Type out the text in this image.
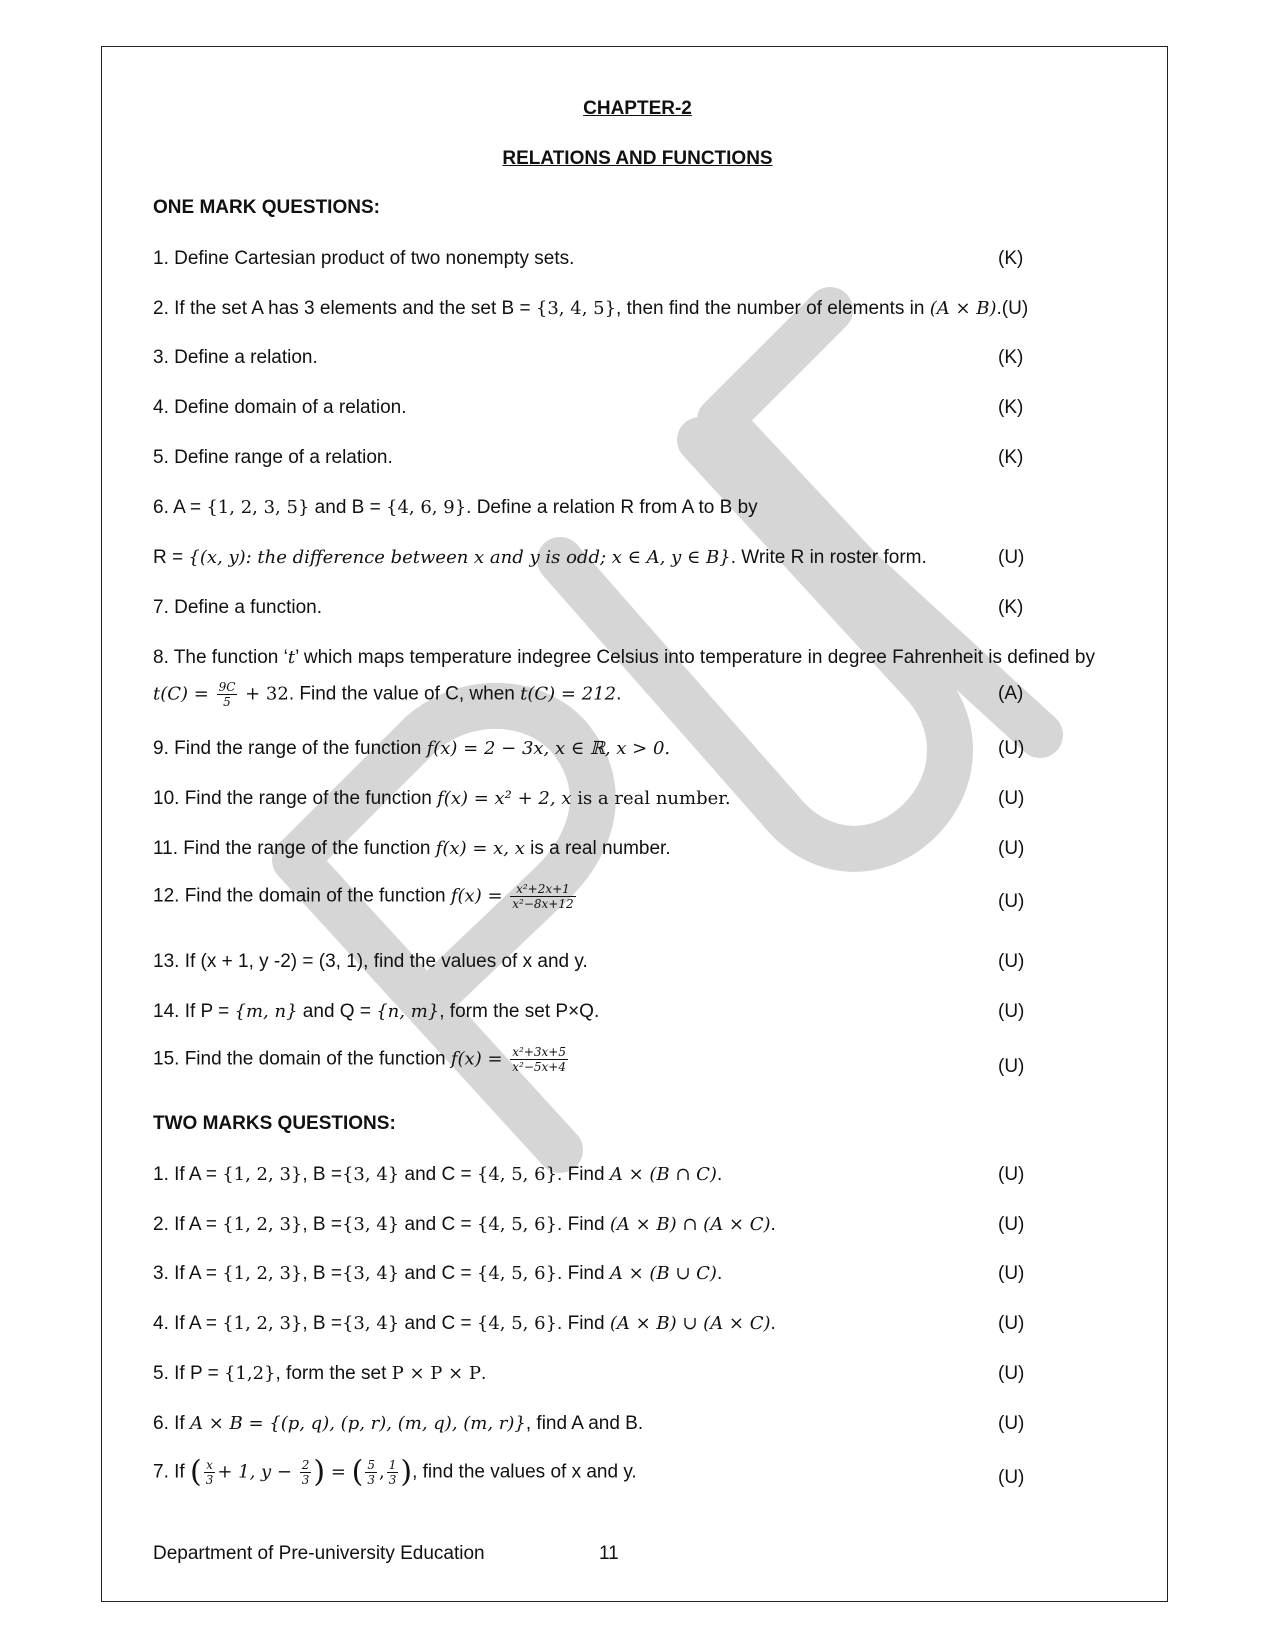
CHAPTER-2
RELATIONS AND FUNCTIONS
ONE MARK QUESTIONS:
1. Define Cartesian product of two nonempty sets.	(K)
2. If the set A has 3 elements and the set B = {3, 4, 5}, then find the number of elements in (A × B).(U)
3. Define a relation.	(K)
4. Define domain of a relation.	(K)
5. Define range of a relation.	(K)
6. A = {1, 2, 3, 5} and B = {4, 6, 9}. Define a relation R from A to B by
R = {(x, y): the difference between x and y is odd; x ∈ A, y ∈ B}. Write R in roster form.	(U)
7. Define a function.	(K)
8. The function ‘t’ which maps temperature indegree Celsius into temperature in degree Fahrenheit is defined by
$t(C) = \frac{9C}{5} + 32$. Find the value of C, when t(C) = 212.	(A)
9. Find the range of the function f(x) = 2 − 3x, x ∈ ℝ, x > 0.	(U)
10. Find the range of the function f(x) = x² + 2, x is a real number.	(U)
11. Find the range of the function f(x) = x, x is a real number.	(U)
12. Find the domain of the function $f(x) = \frac{\text{x²+2x+1}}{\text{x²−8x+12}}$	(U)
13. If (x + 1, y -2) = (3, 1), find the values of x and y.	(U)
14. If P = {m, n} and Q = {n, m}, form the set P×Q.	(U)
15. Find the domain of the function $f(x) = \frac{\text{x²+3x+5}}{\text{x²−5x+4}}$	(U)
TWO MARKS QUESTIONS:
1. If A = {1, 2, 3}, B ={3, 4} and C = {4, 5, 6}. Find A × (B ∩ C).	(U)
2. If A = {1, 2, 3}, B ={3, 4} and C = {4, 5, 6}. Find (A × B) ∩ (A × C).	(U)
3. If A = {1, 2, 3}, B ={3, 4} and C = {4, 5, 6}. Find A × (B ∪ C).	(U)
4. If A = {1, 2, 3}, B ={3, 4} and C = {4, 5, 6}. Find (A × B) ∪ (A × C).	(U)
5. If P = {1,2}, form the set P × P × P.	(U)
6. If A × B = {(p, q), (p, r), (m, q), (m, r)}, find A and B.	(U)
7. If ( $\frac{x}{3} + 1$, $y - \frac{2}{3}$ ) = ( $\frac{5}{3}$ , $\frac{1}{3}$ ), find the values of x and y.	(U)
Department of Pre-university Education	11
